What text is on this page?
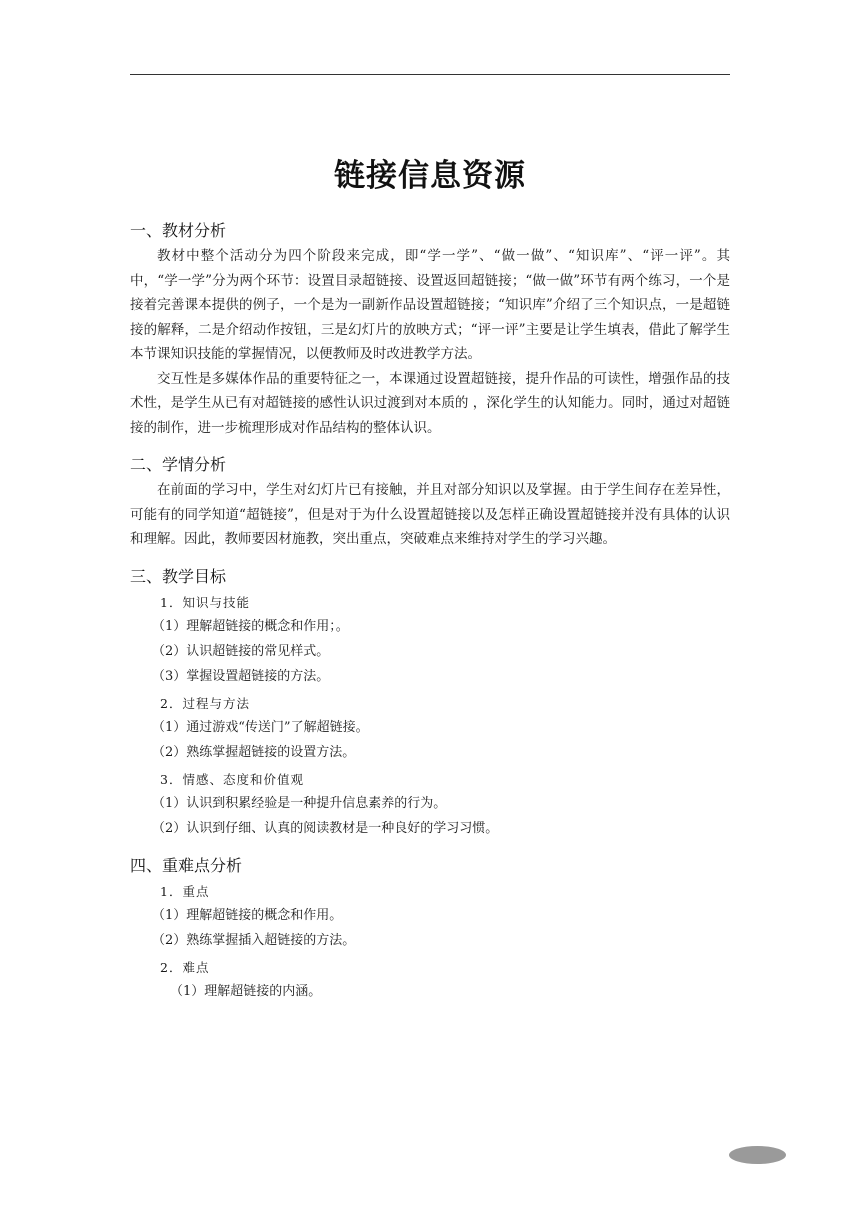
链接信息资源
一、教材分析

教材中整个活动分为四个阶段来完成，即“学一学”、“做一做”、“知识库”、“评一评”。其中，“学一学”分为两个环节：设置目录超链接、设置返回超链接；“做一做”环节有两个练习，一个是接着完善课本提供的例子，一个是为一副新作品设置超链接；“知识库”介绍了三个知识点，一是超链接的解释，二是介绍动作按钮，三是幻灯片的放映方式；“评一评”主要是让学生填表，借此了解学生本节课知识技能的掌握情况，以便教师及时改进教学方法。

交互性是多媒体作品的重要特征之一，本课通过设置超链接，提升作品的可读性，增强作品的技术性，是学生从已有对超链接的感性认识过渡到对本质的 ，深化学生的认知能力。同时，通过对超链接的制作，进一步梳理形成对作品结构的整体认识。

二、学情分析

在前面的学习中，学生对幻灯片已有接触，并且对部分知识以及掌握。由于学生间存在差异性，可能有的同学知道“超链接”，但是对于为什么设置超链接以及怎样正确设置超链接并没有具体的认识和理解。因此，教师要因材施教，突出重点，突破难点来维持对学生的学习兴趣。

三、教学目标
1．知识与技能
（1）理解超链接的概念和作用；。
（2）认识超链接的常见样式。
（3）掌握设置超链接的方法。
2．过程与方法
（1）通过游戏“传送门”了解超链接。
（2）熟练掌握超链接的设置方法。
3．情感、态度和价值观
（1）认识到积累经验是一种提升信息素养的行为。
（2）认识到仔细、认真的阅读教材是一种良好的学习习惯。
四、重难点分析
1．重点
（1）理解超链接的概念和作用。
（2）熟练掌握插入超链接的方法。
2．难点
（1）理解超链接的内涵。
